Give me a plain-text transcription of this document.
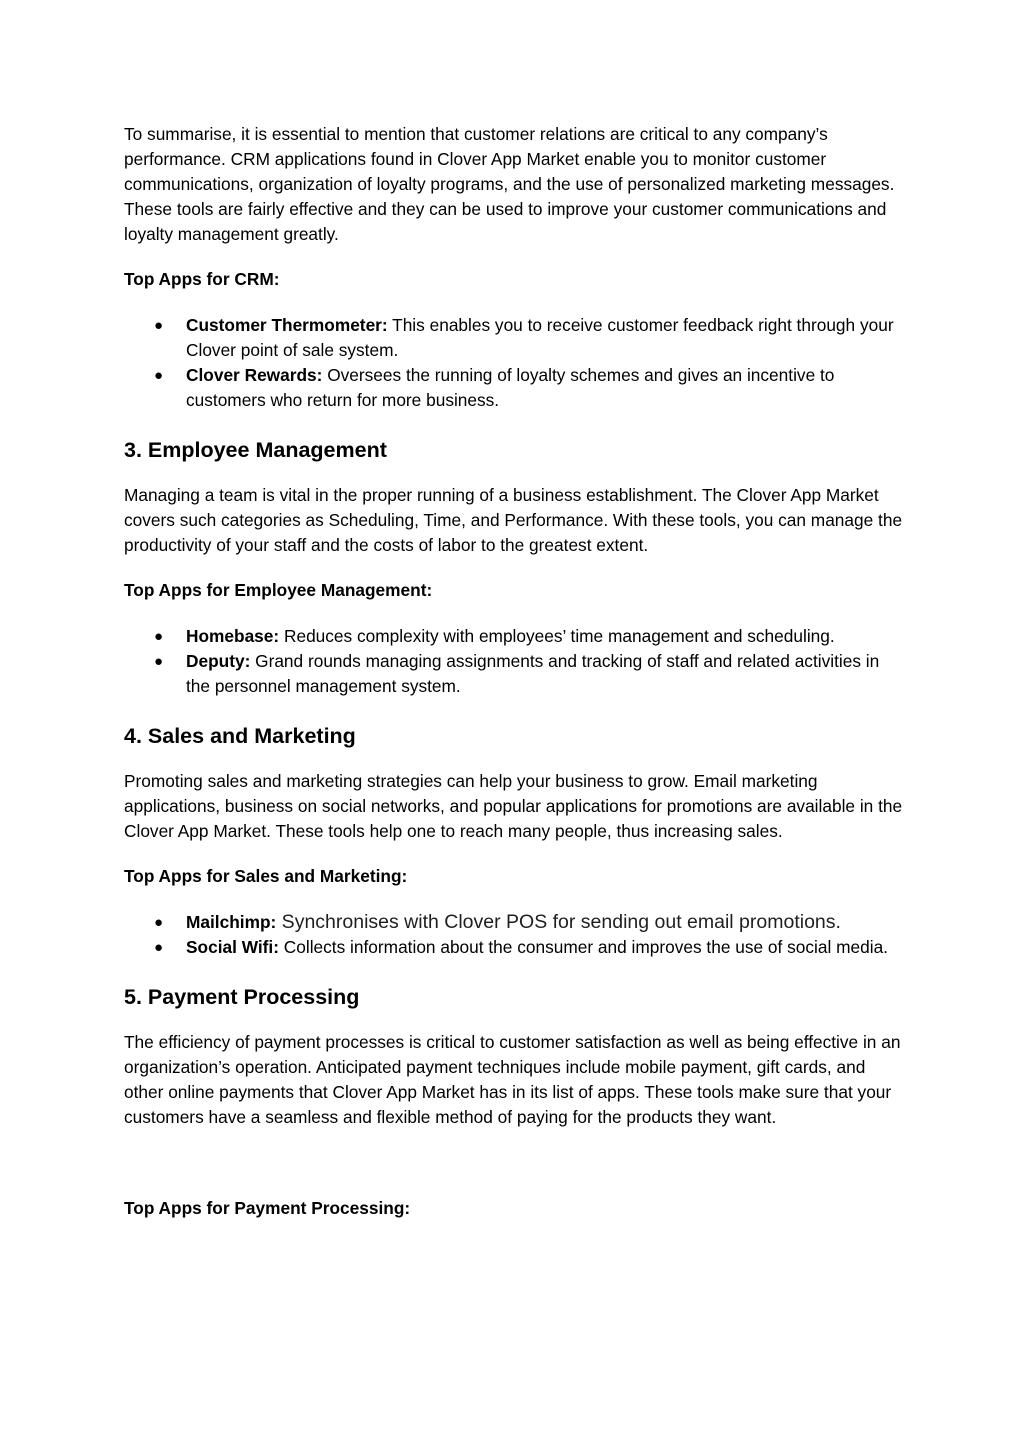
To summarise, it is essential to mention that customer relations are critical to any company’s performance. CRM applications found in Clover App Market enable you to monitor customer communications, organization of loyalty programs, and the use of personalized marketing messages. These tools are fairly effective and they can be used to improve your customer communications and loyalty management greatly.

Top Apps for CRM:

● Customer Thermometer: This enables you to receive customer feedback right through your Clover point of sale system.
● Clover Rewards: Oversees the running of loyalty schemes and gives an incentive to customers who return for more business.
3. Employee Management

Managing a team is vital in the proper running of a business establishment. The Clover App Market covers such categories as Scheduling, Time, and Performance. With these tools, you can manage the productivity of your staff and the costs of labor to the greatest extent.

Top Apps for Employee Management:

● Homebase: Reduces complexity with employees’ time management and scheduling.
● Deputy: Grand rounds managing assignments and tracking of staff and related activities in the personnel management system.
4. Sales and Marketing

Promoting sales and marketing strategies can help your business to grow. Email marketing applications, business on social networks, and popular applications for promotions are available in the Clover App Market. These tools help one to reach many people, thus increasing sales.

Top Apps for Sales and Marketing:

● Mailchimp: Synchronises with Clover POS for sending out email promotions.
● Social Wifi: Collects information about the consumer and improves the use of social media.
5. Payment Processing

The efficiency of payment processes is critical to customer satisfaction as well as being effective in an organization’s operation. Anticipated payment techniques include mobile payment, gift cards, and other online payments that Clover App Market has in its list of apps. These tools make sure that your customers have a seamless and flexible method of paying for the products they want.

Top Apps for Payment Processing:
